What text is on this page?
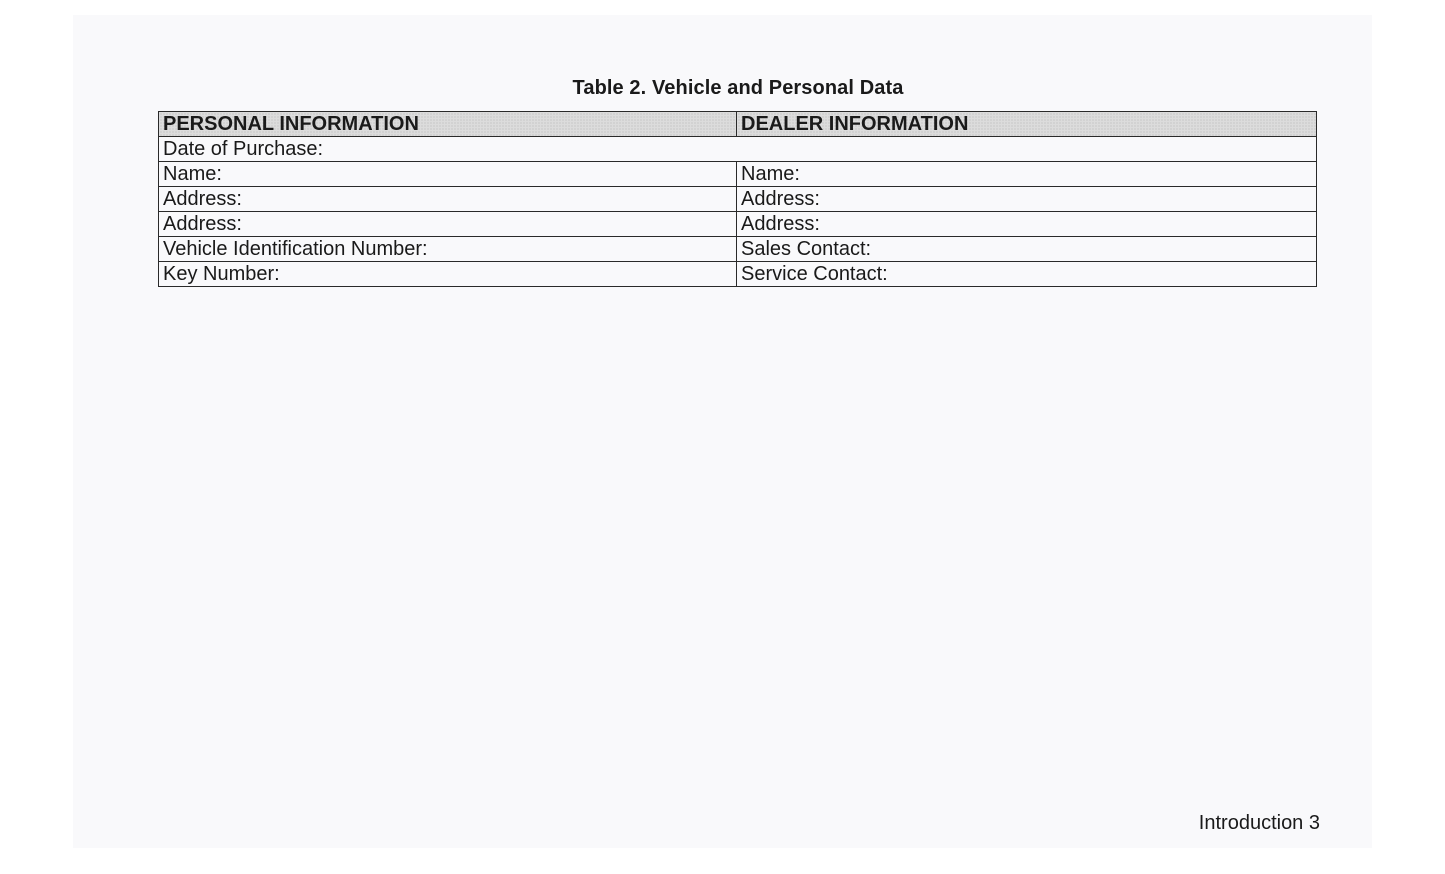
Table 2. Vehicle and Personal Data
PERSONAL INFORMATION	DEALER INFORMATION
Date of Purchase:	
Name:	Name:
Address:	Address:
Address:	Address:
Vehicle Identification Number:	Sales Contact:
Key Number:	Service Contact:
Introduction 3
